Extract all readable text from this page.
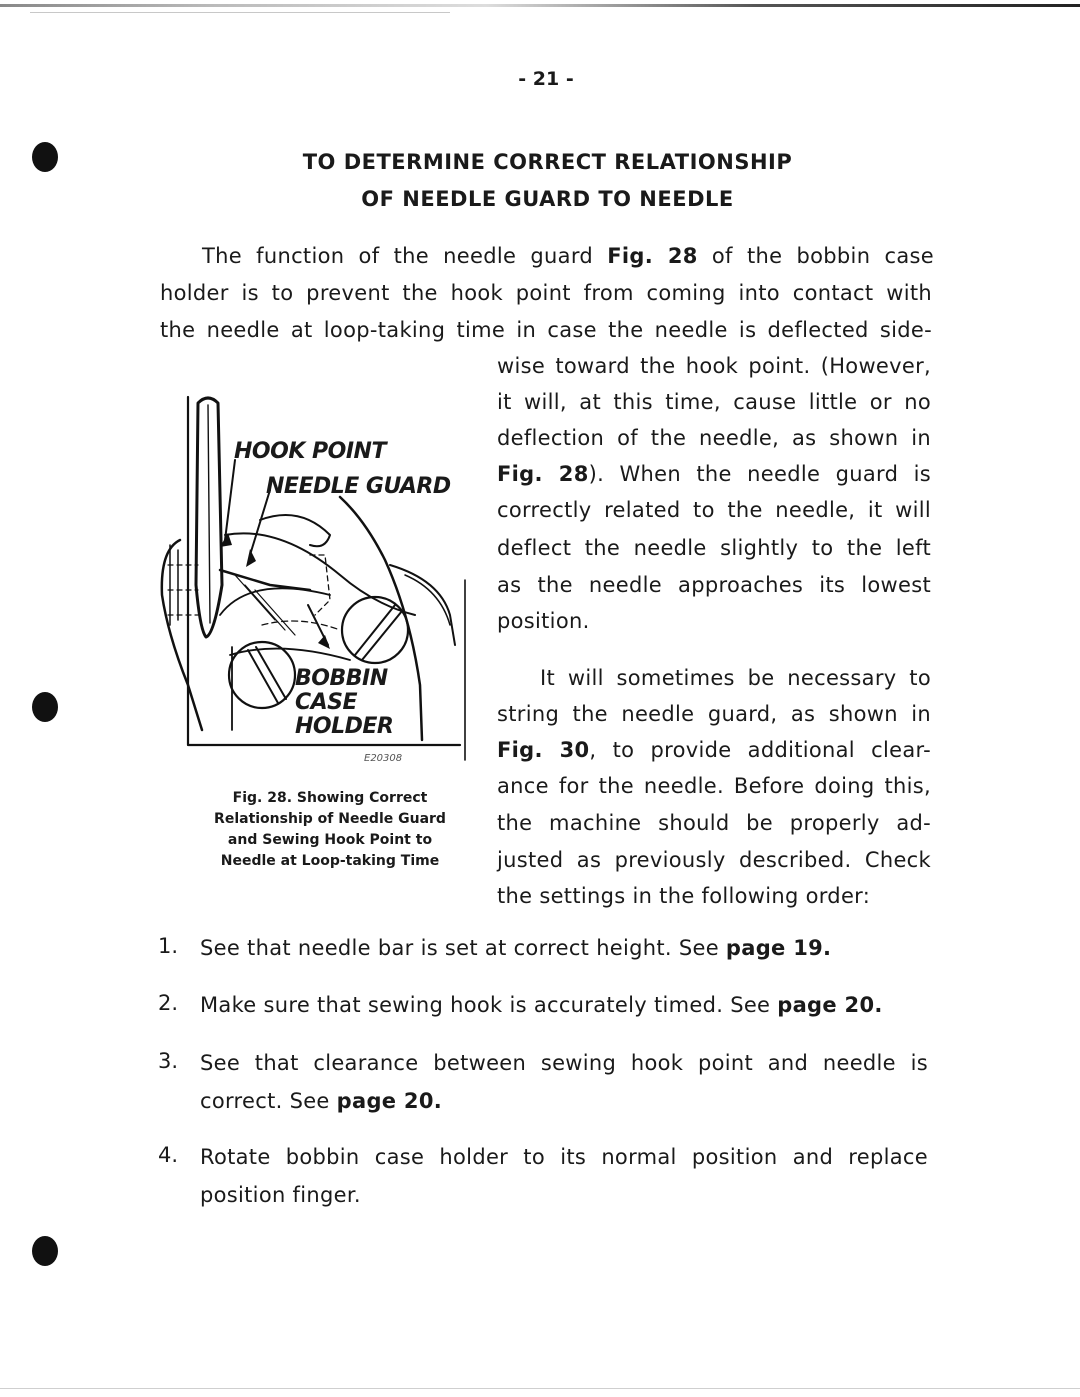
- 21 -
TO DETERMINE CORRECT RELATIONSHIP
OF NEEDLE GUARD TO NEEDLE
The function of the needle guard Fig. 28 of the bobbin case
holder is to prevent the hook point from coming into contact with
the needle at loop-taking time in case the needle is deflected side-
wise toward the hook point. (However,
it will, at this time, cause little or no
deflection of the needle, as shown in
Fig. 28). When the needle guard is
correctly related to the needle, it will
deflect the needle slightly to the left
as the needle approaches its lowest
position.
It will sometimes be necessary to
string the needle guard, as shown in
Fig. 30, to provide additional clear-
ance for the needle. Before doing this,
the machine should be properly ad-
justed as previously described. Check
the settings in the following order:
HOOK POINT
NEEDLE GUARD
BOBBIN
CASE
HOLDER
E20308
Fig. 28. Showing Correct
Relationship of Needle Guard
and Sewing Hook Point to
Needle at Loop-taking Time
1. See that needle bar is set at correct height. See page 19.
2. Make sure that sewing hook is accurately timed. See page 20.
3. See that clearance between sewing hook point and needle is correct. See page 20.
4. Rotate bobbin case holder to its normal position and replace position finger.
